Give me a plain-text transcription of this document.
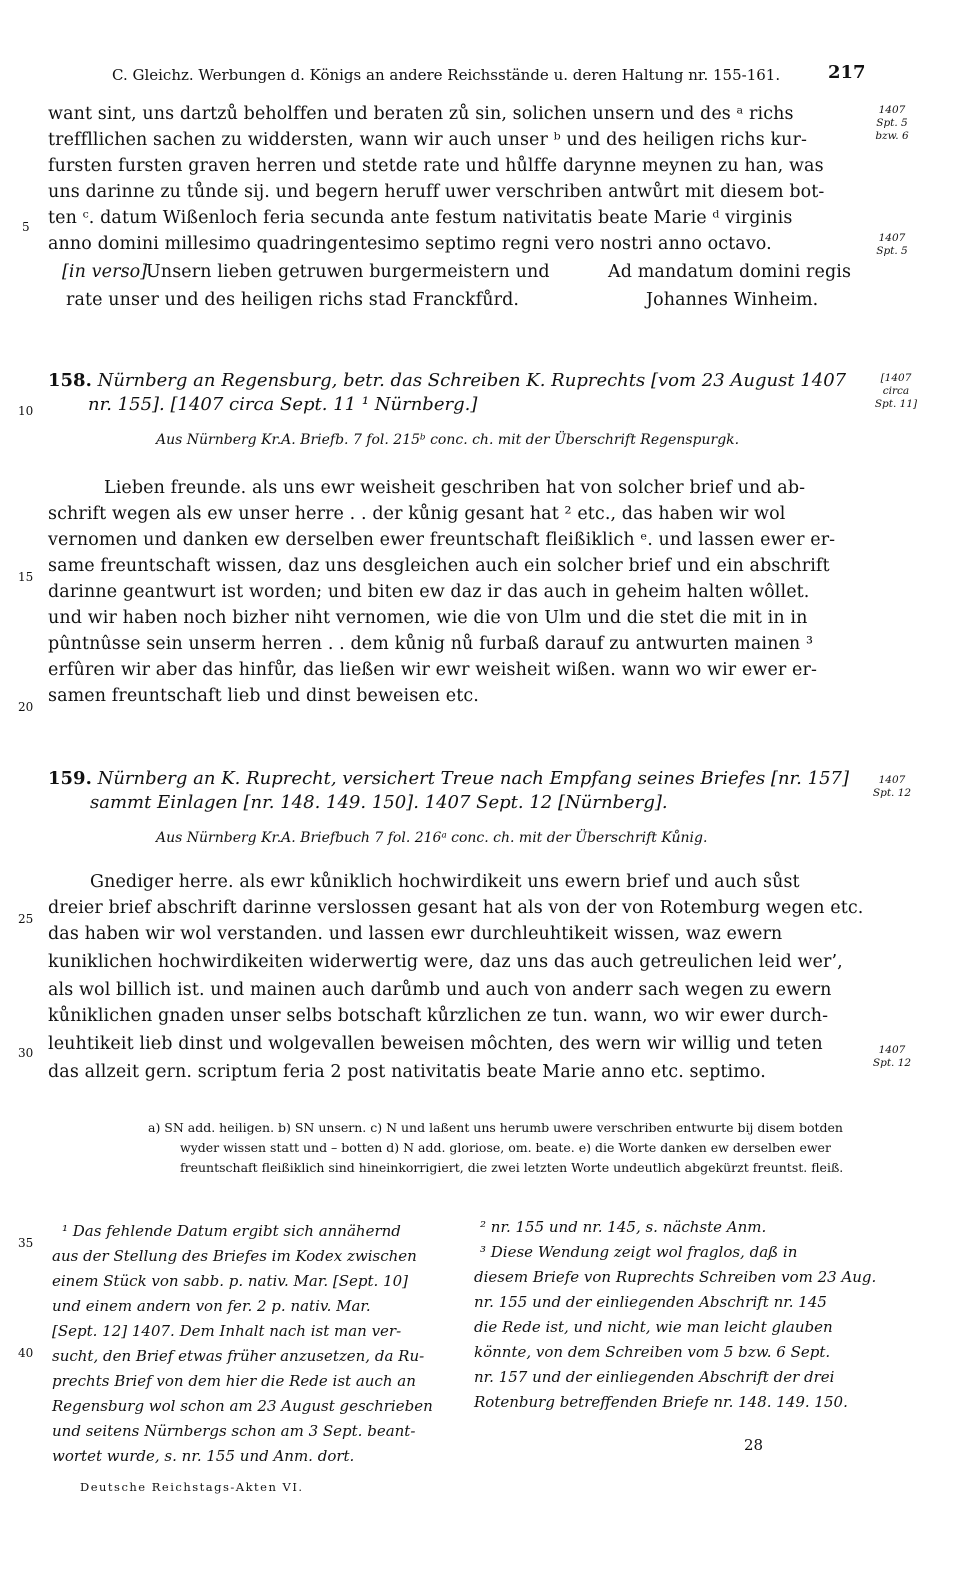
C. Gleichz. Werbungen d. Königs an andere Reichsstände u. deren Haltung nr. 155-161.	217
want sint, uns dartzů beholffen und beraten zů sin, solichen unsern und des ᵃ richs
treffllichen sachen zu widdersten, wann wir auch unser ᵇ und des heiligen richs kur-
fursten fursten graven herren und stetde rate und hůlffe darynne meynen zu han, was
uns darinne zu tůnde sij. und begern heruff uwer verschriben antwůrt mit diesem bot-
ten ᶜ. datum Wißenloch feria secunda ante festum nativitatis beate Marie ᵈ virginis
anno domini millesimo quadringentesimo septimo regni vero nostri anno octavo.
[in verso]
Unsern lieben getruwen burgermeistern und
rate unser und des heiligen richs stad Franckfůrd.
Ad mandatum domini regis
Johannes Winheim.
1407
Spt. 5
bzw. 6
1407
Spt. 5
158. Nürnberg an Regensburg, betr. das Schreiben K. Ruprechts [vom 23 August 1407
nr. 155]. [1407 circa Sept. 11 ¹ Nürnberg.]
[1407
circa
Spt. 11]
Aus Nürnberg Kr.A. Briefb. 7 fol. 215ᵇ conc. ch. mit der Überschrift Regenspurgk.
Lieben freunde. als uns ewr weisheit geschriben hat von solcher brief und ab-
schrift wegen als ew unser herre . . der kůnig gesant hat ² etc., das haben wir wol
vernomen und danken ew derselben ewer freuntschaft fleißiklich ᵉ. und lassen ewer er-
same freuntschaft wissen, daz uns desgleichen auch ein solcher brief und ein abschrift
darinne geantwurt ist worden; und biten ew daz ir das auch in geheim halten wôllet.
und wir haben noch bizher niht vernomen, wie die von Ulm und die stet die mit in in
pûntnûsse sein unserm herren . . dem kůnig nů furbaß darauf zu antwurten mainen ³
erfûren wir aber das hinfůr, das ließen wir ewr weisheit wißen. wann wo wir ewer er-
samen freuntschaft lieb und dinst beweisen etc.
159. Nürnberg an K. Ruprecht, versichert Treue nach Empfang seines Briefes [nr. 157]
sammt Einlagen [nr. 148. 149. 150]. 1407 Sept. 12 [Nürnberg].
1407
Spt. 12
Aus Nürnberg Kr.A. Briefbuch 7 fol. 216ᵃ conc. ch. mit der Überschrift Kůnig.
Gnediger herre. als ewr kůniklich hochwirdikeit uns ewern brief und auch sůst
dreier brief abschrift darinne verslossen gesant hat als von der von Rotemburg wegen etc.
das haben wir wol verstanden. und lassen ewr durchleuhtikeit wissen, waz ewern
kuniklichen hochwirdikeiten widerwertig were, daz uns das auch getreulichen leid wer’,
als wol billich ist. und mainen auch darůmb und auch von anderr sach wegen zu ewern
kůniklichen gnaden unser selbs botschaft kůrzlichen ze tun. wann, wo wir ewer durch-
leuhtikeit lieb dinst und wolgevallen beweisen môchten, des wern wir willig und teten
das allzeit gern. scriptum feria 2 post nativitatis beate Marie anno etc. septimo.
1407
Spt. 12
5
10
15
20
25
30
35
40
a) SN add. heiligen. b) SN unsern. c) N und laßent uns herumb uwere verschriben entwurte bij disem botden
wyder wissen statt und – botten d) N add. gloriose, om. beate. e) die Worte danken ew derselben ewer
freuntschaft fleißiklich sind hineinkorrigiert, die zwei letzten Worte undeutlich abgekürzt freuntst. fleiß.
¹ Das fehlende Datum ergibt sich annähernd
aus der Stellung des Briefes im Kodex zwischen
einem Stück von sabb. p. nativ. Mar. [Sept. 10]
und einem andern von fer. 2 p. nativ. Mar.
[Sept. 12] 1407. Dem Inhalt nach ist man ver-
sucht, den Brief etwas früher anzusetzen, da Ru-
prechts Brief von dem hier die Rede ist auch an
Regensburg wol schon am 23 August geschrieben
und seitens Nürnbergs schon am 3 Sept. beant-
wortet wurde, s. nr. 155 und Anm. dort.
² nr. 155 und nr. 145, s. nächste Anm.
³ Diese Wendung zeigt wol fraglos, daß in
diesem Briefe von Ruprechts Schreiben vom 23 Aug.
nr. 155 und der einliegenden Abschrift nr. 145
die Rede ist, und nicht, wie man leicht glauben
könnte, von dem Schreiben vom 5 bzw. 6 Sept.
nr. 157 und der einliegenden Abschrift der drei
Rotenburg betreffenden Briefe nr. 148. 149. 150.
Deutsche Reichstags-Akten VI.
28
